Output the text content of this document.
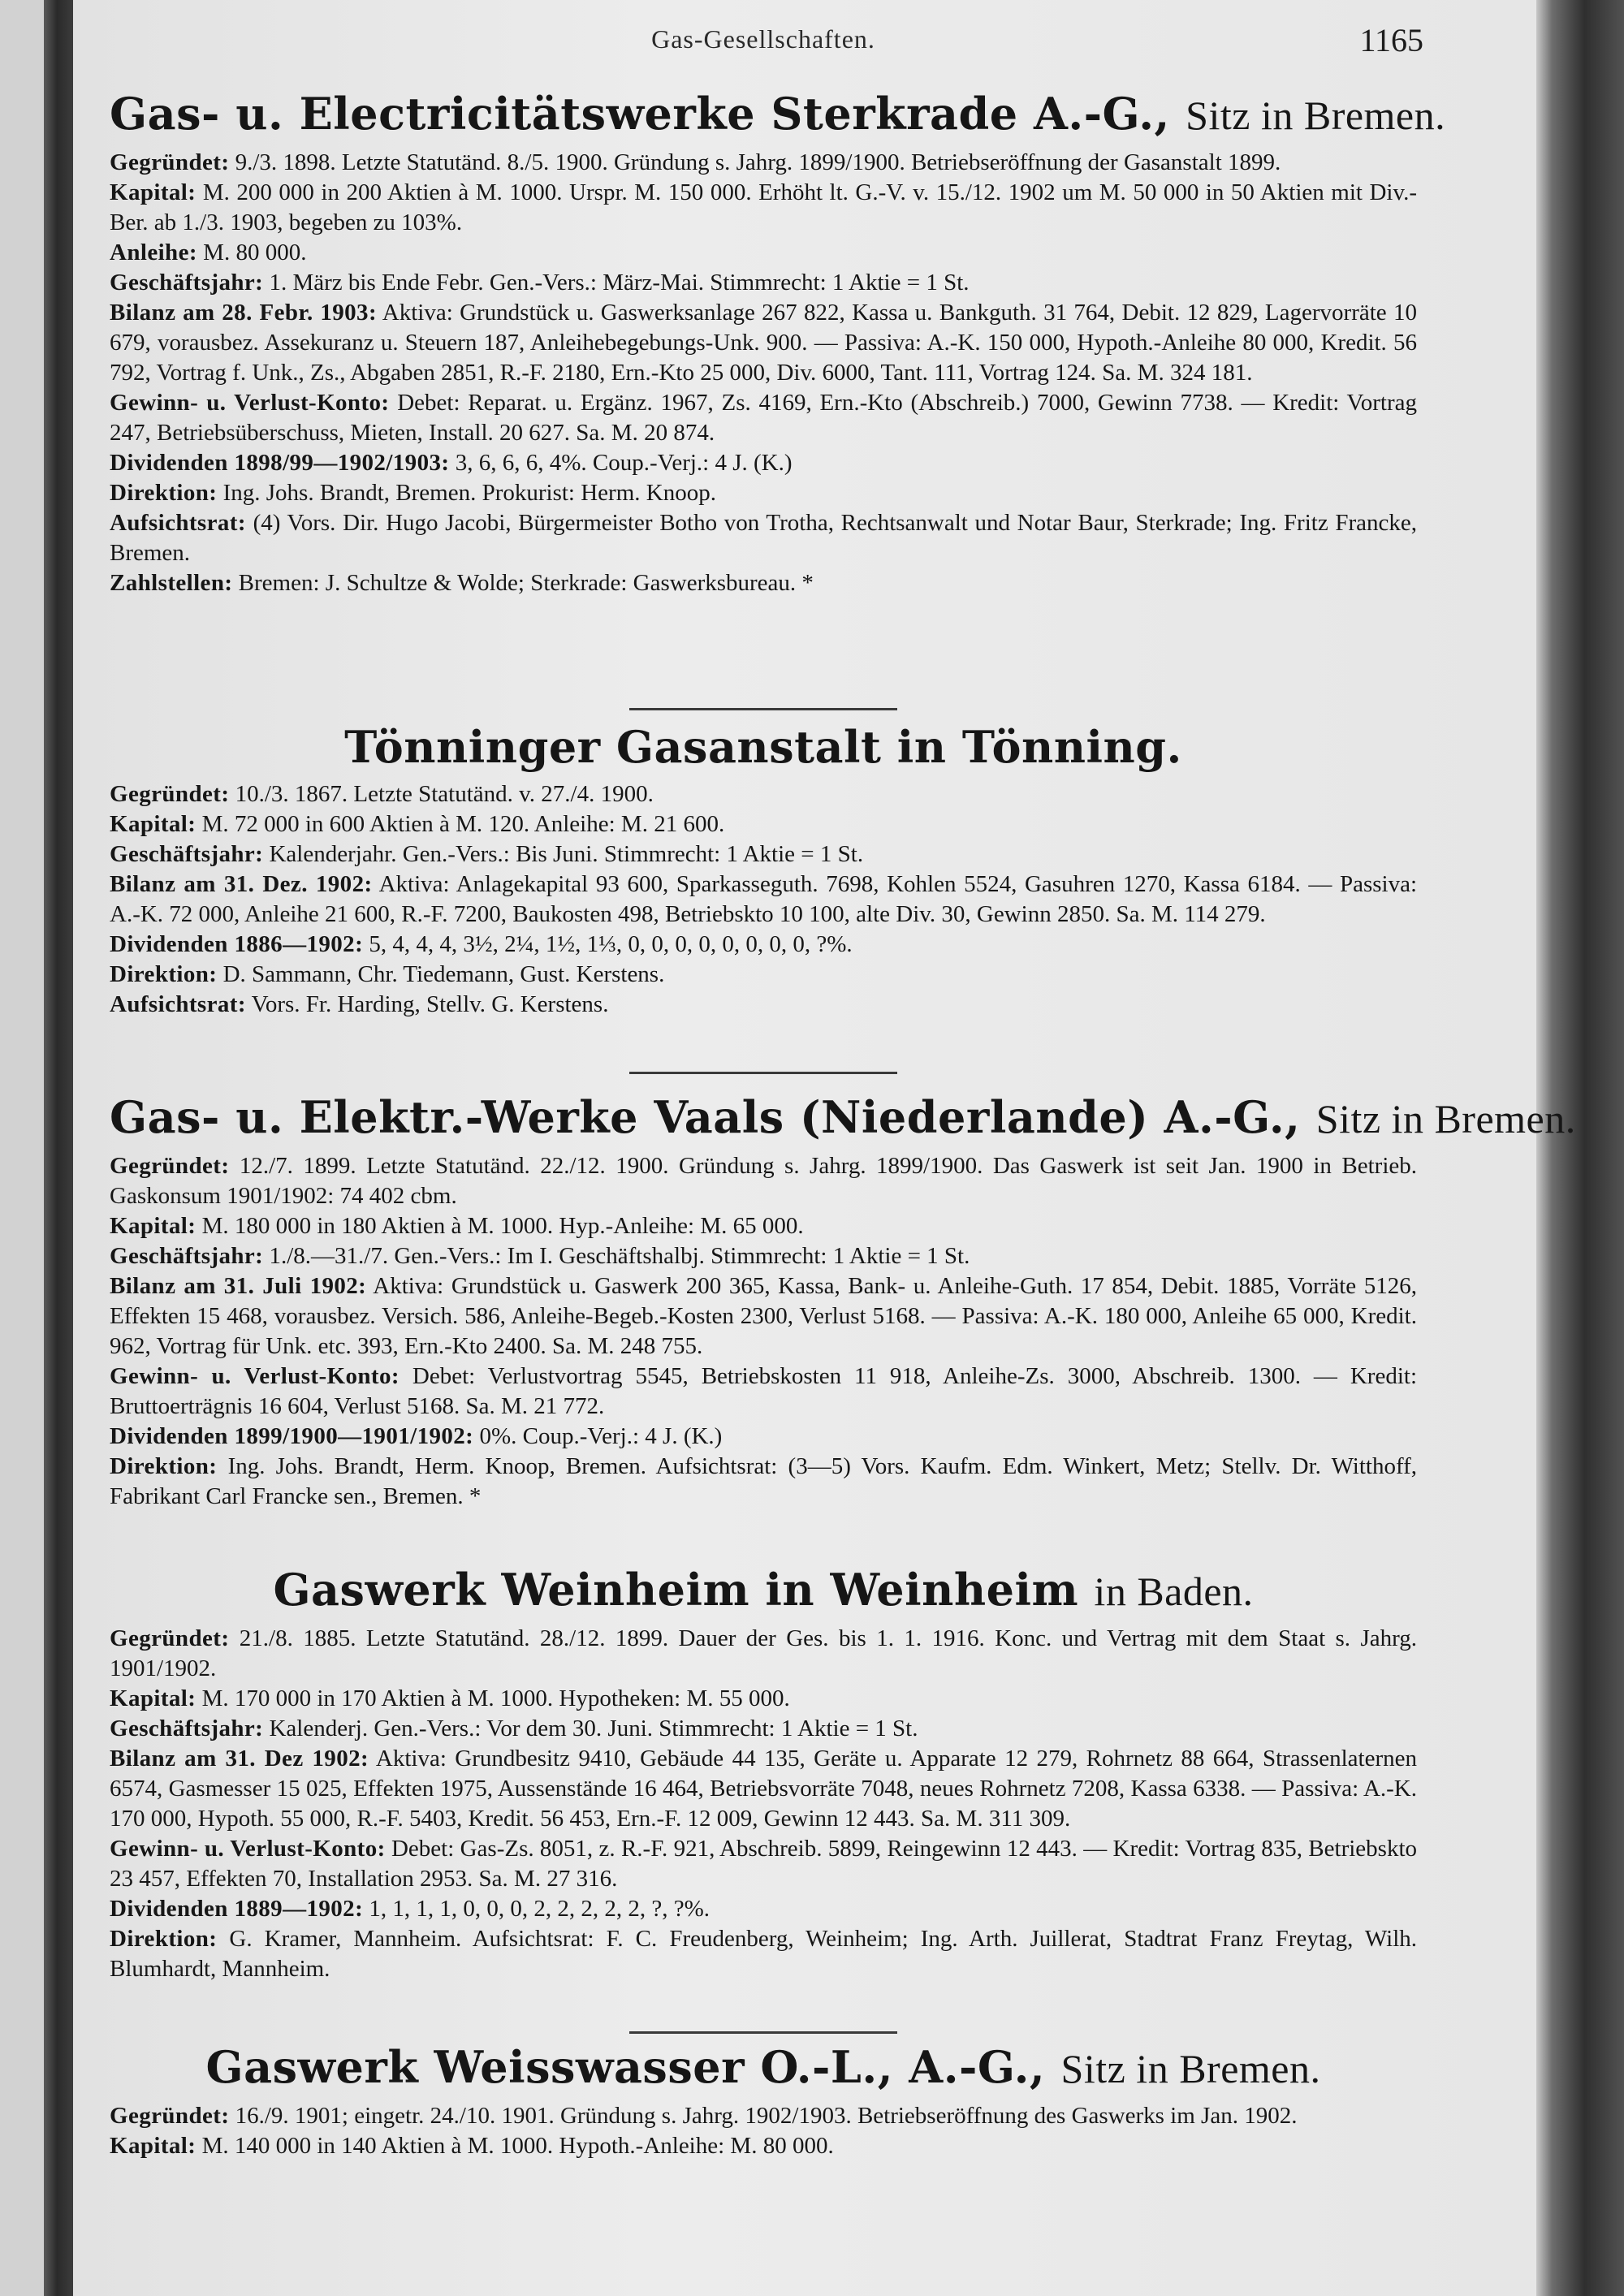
Gas-Gesellschaften.	1165
Gas- u. Electricitätswerke Sterkrade A.-G., Sitz in Bremen.

Gegründet: 9./3. 1898. Letzte Statutänd. 8./5. 1900. Gründung s. Jahrg. 1899/1900. Betriebseröffnung der Gasanstalt 1899.

Kapital: M. 200 000 in 200 Aktien à M. 1000. Urspr. M. 150 000. Erhöht lt. G.-V. v. 15./12. 1902 um M. 50 000 in 50 Aktien mit Div.-Ber. ab 1./3. 1903, begeben zu 103%.

Anleihe: M. 80 000.

Geschäftsjahr: 1. März bis Ende Febr. Gen.-Vers.: März-Mai. Stimmrecht: 1 Aktie = 1 St.

Bilanz am 28. Febr. 1903: Aktiva: Grundstück u. Gaswerksanlage 267 822, Kassa u. Bankguth. 31 764, Debit. 12 829, Lagervorräte 10 679, vorausbez. Assekuranz u. Steuern 187, Anleihebegebungs-Unk. 900. — Passiva: A.-K. 150 000, Hypoth.-Anleihe 80 000, Kredit. 56 792, Vortrag f. Unk., Zs., Abgaben 2851, R.-F. 2180, Ern.-Kto 25 000, Div. 6000, Tant. 111, Vortrag 124. Sa. M. 324 181.

Gewinn- u. Verlust-Konto: Debet: Reparat. u. Ergänz. 1967, Zs. 4169, Ern.-Kto (Abschreib.) 7000, Gewinn 7738. — Kredit: Vortrag 247, Betriebsüberschuss, Mieten, Install. 20 627. Sa. M. 20 874.

Dividenden 1898/99—1902/1903: 3, 6, 6, 6, 4%. Coup.-Verj.: 4 J. (K.)

Direktion: Ing. Johs. Brandt, Bremen. Prokurist: Herm. Knoop.

Aufsichtsrat: (4) Vors. Dir. Hugo Jacobi, Bürgermeister Botho von Trotha, Rechtsanwalt und Notar Baur, Sterkrade; Ing. Fritz Francke, Bremen.

Zahlstellen: Bremen: J. Schultze & Wolde; Sterkrade: Gaswerksbureau. *

Tönninger Gasanstalt in Tönning.

Gegründet: 10./3. 1867. Letzte Statutänd. v. 27./4. 1900.

Kapital: M. 72 000 in 600 Aktien à M. 120. Anleihe: M. 21 600.

Geschäftsjahr: Kalenderjahr. Gen.-Vers.: Bis Juni. Stimmrecht: 1 Aktie = 1 St.

Bilanz am 31. Dez. 1902: Aktiva: Anlagekapital 93 600, Sparkasseguth. 7698, Kohlen 5524, Gasuhren 1270, Kassa 6184. — Passiva: A.-K. 72 000, Anleihe 21 600, R.-F. 7200, Baukosten 498, Betriebskto 10 100, alte Div. 30, Gewinn 2850. Sa. M. 114 279.

Dividenden 1886—1902: 5, 4, 4, 4, 3½, 2¼, 1½, 1⅓, 0, 0, 0, 0, 0, 0, 0, 0, ?%.

Direktion: D. Sammann, Chr. Tiedemann, Gust. Kerstens.

Aufsichtsrat: Vors. Fr. Harding, Stellv. G. Kerstens.

Gas- u. Elektr.-Werke Vaals (Niederlande) A.-G., Sitz in Bremen.

Gegründet: 12./7. 1899. Letzte Statutänd. 22./12. 1900. Gründung s. Jahrg. 1899/1900. Das Gaswerk ist seit Jan. 1900 in Betrieb. Gaskonsum 1901/1902: 74 402 cbm.

Kapital: M. 180 000 in 180 Aktien à M. 1000. Hyp.-Anleihe: M. 65 000.

Geschäftsjahr: 1./8.—31./7. Gen.-Vers.: Im I. Geschäftshalbj. Stimmrecht: 1 Aktie = 1 St.

Bilanz am 31. Juli 1902: Aktiva: Grundstück u. Gaswerk 200 365, Kassa, Bank- u. Anleihe-Guth. 17 854, Debit. 1885, Vorräte 5126, Effekten 15 468, vorausbez. Versich. 586, Anleihe-Begeb.-Kosten 2300, Verlust 5168. — Passiva: A.-K. 180 000, Anleihe 65 000, Kredit. 962, Vortrag für Unk. etc. 393, Ern.-Kto 2400. Sa. M. 248 755.

Gewinn- u. Verlust-Konto: Debet: Verlustvortrag 5545, Betriebskosten 11 918, Anleihe-Zs. 3000, Abschreib. 1300. — Kredit: Bruttoerträgnis 16 604, Verlust 5168. Sa. M. 21 772.

Dividenden 1899/1900—1901/1902: 0%. Coup.-Verj.: 4 J. (K.)

Direktion: Ing. Johs. Brandt, Herm. Knoop, Bremen. Aufsichtsrat: (3—5) Vors. Kaufm. Edm. Winkert, Metz; Stellv. Dr. Witthoff, Fabrikant Carl Francke sen., Bremen. *

Gaswerk Weinheim in Weinheim in Baden.

Gegründet: 21./8. 1885. Letzte Statutänd. 28./12. 1899. Dauer der Ges. bis 1. 1. 1916. Konc. und Vertrag mit dem Staat s. Jahrg. 1901/1902.

Kapital: M. 170 000 in 170 Aktien à M. 1000. Hypotheken: M. 55 000.

Geschäftsjahr: Kalenderj. Gen.-Vers.: Vor dem 30. Juni. Stimmrecht: 1 Aktie = 1 St.

Bilanz am 31. Dez 1902: Aktiva: Grundbesitz 9410, Gebäude 44 135, Geräte u. Apparate 12 279, Rohrnetz 88 664, Strassenlaternen 6574, Gasmesser 15 025, Effekten 1975, Aussenstände 16 464, Betriebsvorräte 7048, neues Rohrnetz 7208, Kassa 6338. — Passiva: A.-K. 170 000, Hypoth. 55 000, R.-F. 5403, Kredit. 56 453, Ern.-F. 12 009, Gewinn 12 443. Sa. M. 311 309.

Gewinn- u. Verlust-Konto: Debet: Gas-Zs. 8051, z. R.-F. 921, Abschreib. 5899, Reingewinn 12 443. — Kredit: Vortrag 835, Betriebskto 23 457, Effekten 70, Installation 2953. Sa. M. 27 316.

Dividenden 1889—1902: 1, 1, 1, 1, 0, 0, 0, 2, 2, 2, 2, 2, ?, ?%.

Direktion: G. Kramer, Mannheim. Aufsichtsrat: F. C. Freudenberg, Weinheim; Ing. Arth. Juillerat, Stadtrat Franz Freytag, Wilh. Blumhardt, Mannheim.

Gaswerk Weisswasser O.-L., A.-G., Sitz in Bremen.

Gegründet: 16./9. 1901; eingetr. 24./10. 1901. Gründung s. Jahrg. 1902/1903. Betriebseröffnung des Gaswerks im Jan. 1902.

Kapital: M. 140 000 in 140 Aktien à M. 1000. Hypoth.-Anleihe: M. 80 000.
